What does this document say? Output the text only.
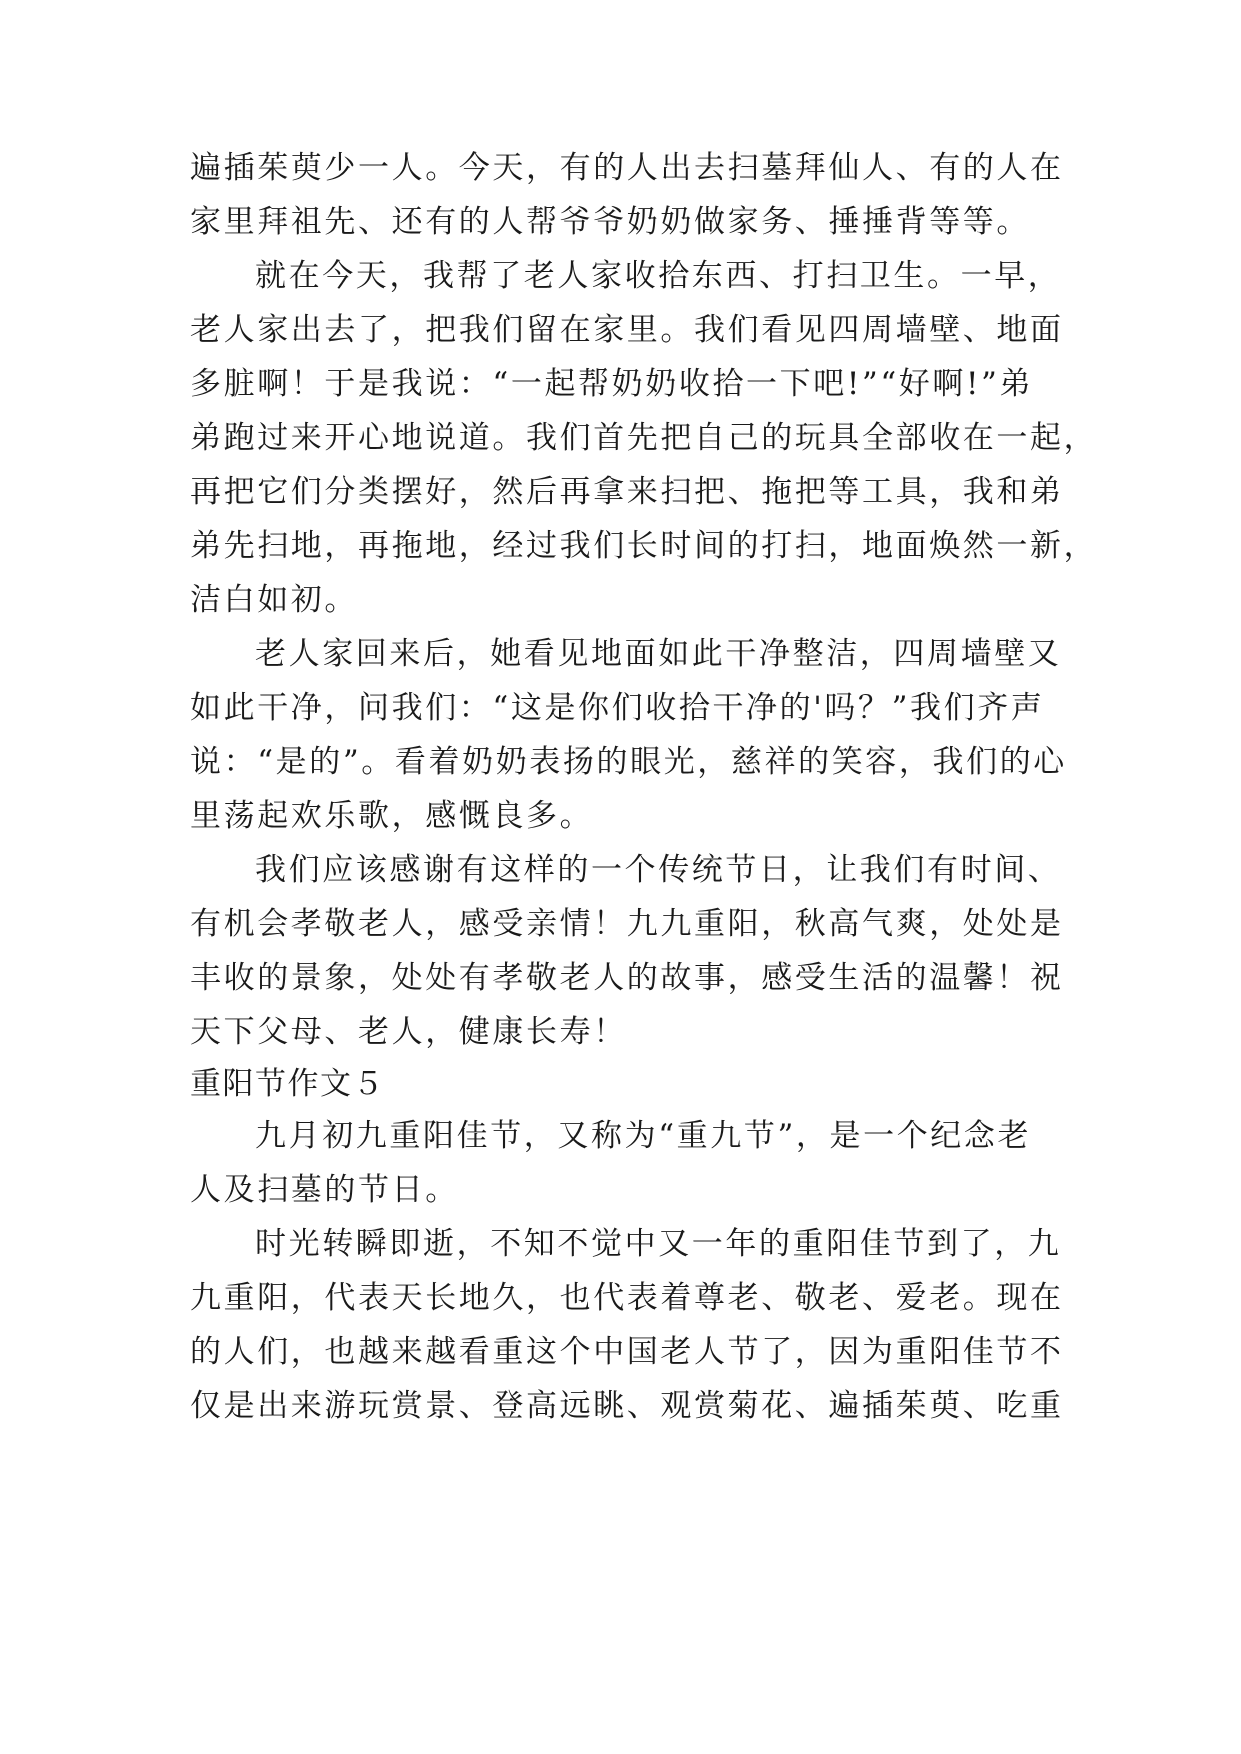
遍插茱萸少一人。今天，有的人出去扫墓拜仙人、有的人在
家里拜祖先、还有的人帮爷爷奶奶做家务、捶捶背等等。
就在今天，我帮了老人家收拾东西、打扫卫生。一早，
老人家出去了，把我们留在家里。我们看见四周墙壁、地面
多脏啊！于是我说：“一起帮奶奶收拾一下吧!”“好啊!”弟
弟跑过来开心地说道。我们首先把自己的玩具全部收在一起，
再把它们分类摆好，然后再拿来扫把、拖把等工具，我和弟
弟先扫地，再拖地，经过我们长时间的打扫，地面焕然一新，
洁白如初。
老人家回来后，她看见地面如此干净整洁，四周墙壁又
如此干净，问我们：“这是你们收拾干净的'吗？”我们齐声
说：“是的”。看着奶奶表扬的眼光，慈祥的笑容，我们的心
里荡起欢乐歌，感慨良多。
我们应该感谢有这样的一个传统节日，让我们有时间、
有机会孝敬老人，感受亲情！九九重阳，秋高气爽，处处是
丰收的景象，处处有孝敬老人的故事，感受生活的温馨！祝
天下父母、老人，健康长寿！
重阳节作文５
九月初九重阳佳节，又称为“重九节”，是一个纪念老
人及扫墓的节日。
时光转瞬即逝，不知不觉中又一年的重阳佳节到了，九
九重阳，代表天长地久，也代表着尊老、敬老、爱老。现在
的人们，也越来越看重这个中国老人节了，因为重阳佳节不
仅是出来游玩赏景、登高远眺、观赏菊花、遍插茱萸、吃重
